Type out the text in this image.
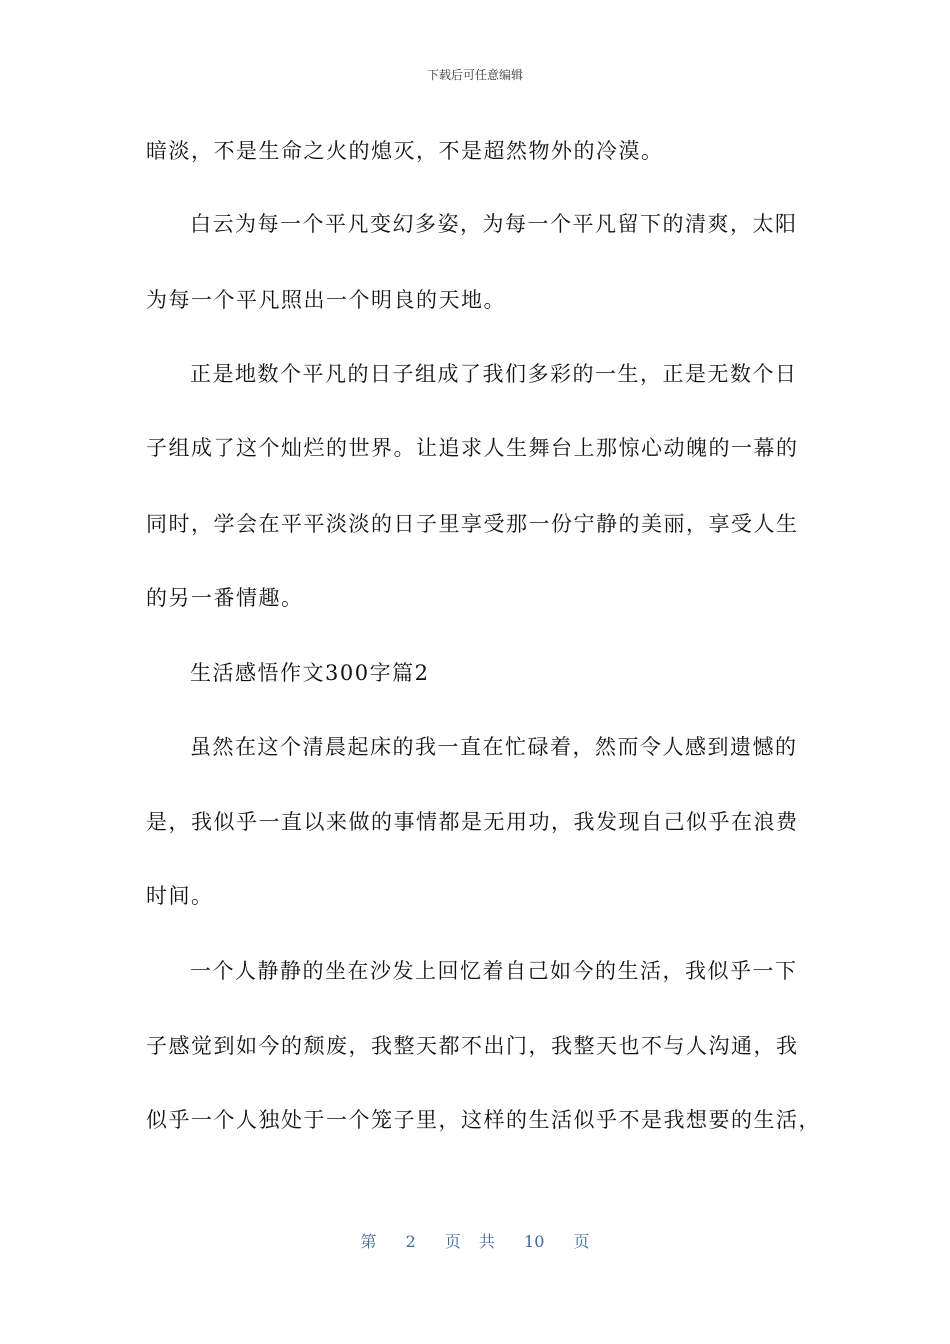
下载后可任意编辑
暗淡，不是生命之火的熄灭，不是超然物外的冷漠。
白云为每一个平凡变幻多姿，为每一个平凡留下的清爽，太阳
为每一个平凡照出一个明良的天地。
正是地数个平凡的日子组成了我们多彩的一生，正是无数个日
子组成了这个灿烂的世界。让追求人生舞台上那惊心动魄的一幕的
同时，学会在平平淡淡的日子里享受那一份宁静的美丽，享受人生
的另一番情趣。
生活感悟作文300字篇2
虽然在这个清晨起床的我一直在忙碌着，然而令人感到遗憾的
是，我似乎一直以来做的事情都是无用功，我发现自己似乎在浪费
时间。
一个人静静的坐在沙发上回忆着自己如今的生活，我似乎一下
子感觉到如今的颓废，我整天都不出门，我整天也不与人沟通，我
似乎一个人独处于一个笼子里，这样的生活似乎不是我想要的生活，
第 2 页 共 10 页
